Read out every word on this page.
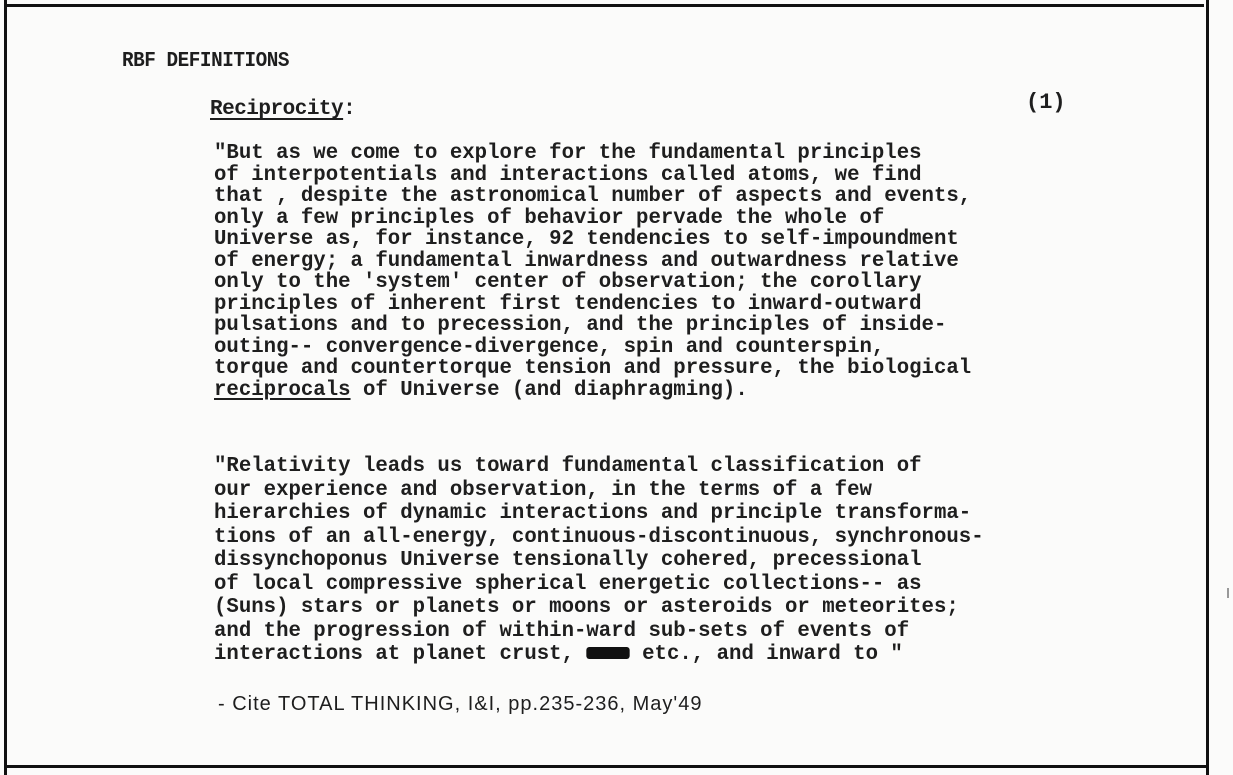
RBF DEFINITIONS
Reciprocity:	(1)
"But as we come to explore for the fundamental principles
of interpotentials and interactions called atoms, we find
that , despite the astronomical number of aspects and events,
only a few principles of behavior pervade the whole of
Universe as, for instance, 92 tendencies to self-impoundment
of energy; a fundamental inwardness and outwardness relative
only to the 'system' center of observation; the corollary
principles of inherent first tendencies to inward-outward
pulsations and to precession, and the principles of inside-
outing-- convergence-divergence, spin and counterspin,
torque and countertorque tension and pressure, the biological
reciprocals of Universe (and diaphragming).
"Relativity leads us toward fundamental classification of
our experience and observation, in the terms of a few
hierarchies of dynamic interactions and principle transforma-
tions of an all-energy, continuous-discontinuous, synchronous-
dissynchoponus Universe tensionally cohered, precessional
of local compressive spherical energetic collections-- as
(Suns) stars or planets or moons or asteroids or meteorites;
and the progression of within-ward sub-sets of events of
interactions at planet crust,  etc., and inward to "
- Cite TOTAL THINKING, I&I, pp.235-236, May'49
